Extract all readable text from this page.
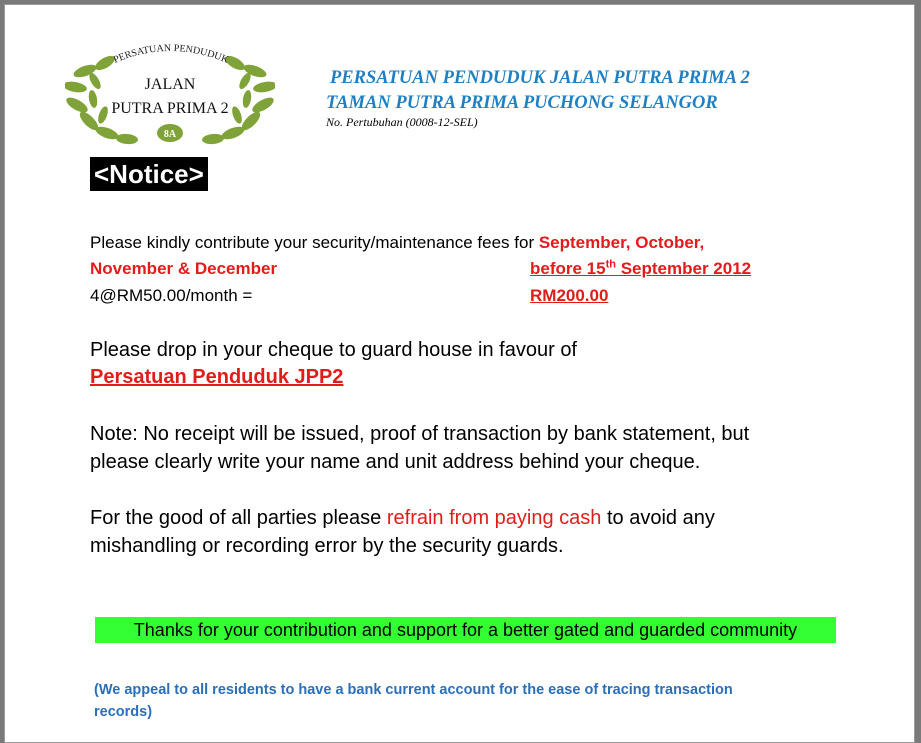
PERSATUAN PENDUDUK
JALAN
PUTRA PRIMA 2
8A
PERSATUAN PENDUDUK JALAN PUTRA PRIMA 2
TAMAN PUTRA PRIMA PUCHONG SELANGOR
No. Pertubuhan (0008-12-SEL)
<Notice>
Please kindly contribute your security/maintenance fees for September, October,
November & December	before 15th September 2012
4@RM50.00/month =	RM200.00
Please drop in your cheque to guard house in favour of
Persatuan Penduduk JPP2
Note: No receipt will be issued, proof of transaction by bank statement, but
please clearly write your name and unit address behind your cheque.
For the good of all parties please refrain from paying cash to avoid any
mishandling or recording error by the security guards.
Thanks for your contribution and support for a better gated and guarded community
(We appeal to all residents to have a bank current account for the ease of tracing transaction
records)
